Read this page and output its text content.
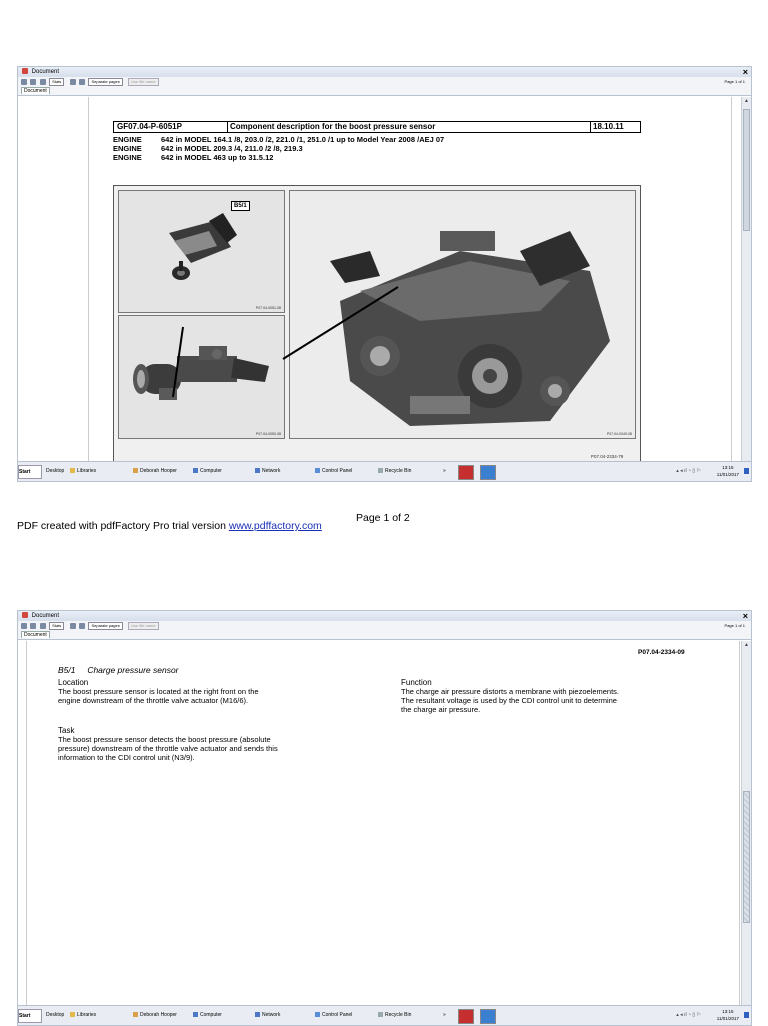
Document	×
Stats	Separate pages	Use file name	Page 1 of 1
Document
GF07.04-P-6051P	Component description for the boost pressure sensor	18.10.11
ENGINE	642 in MODEL 164.1 /8, 203.0 /2, 221.0 /1, 251.0 /1 up to Model Year 2008 /AEJ 07
ENGINE	642 in MODEL 209.3 /4, 211.0 /2 /8, 219.3
ENGINE	642 in MODEL 463 up to 31.5.12
B5/1
P07.04-0051-08
P07.04-0050-08	P07.04-0049-08
P07.04-2334-79
▲
Start	Desktop	Libraries	Deborah Hooper	Computer	Network	Control Panel	Recycle Bin	»	▴ ◂ ıl ◔ ▯ ⚐
13:15
11/01/2017
PDF created with pdfFactory Pro trial version www.pdffactory.com
Page 1 of 2
Document	×
Stats	Separate pages	Use file name	Page 1 of 1
Document
P07.04-2334-09
B5/1 Charge pressure sensor
Location
The boost pressure sensor is located at the right front on the
engine downstream of the throttle valve actuator (M16/6).
Task
The boost pressure sensor detects the boost pressure (absolute
pressure) downstream of the throttle valve actuator and sends this
information to the CDI control unit (N3/9).
Function
The charge air pressure distorts a membrane with piezoelements.
The resultant voltage is used by the CDI control unit to determine
the charge air pressure.
▲
Start	Desktop	Libraries	Deborah Hooper	Computer	Network	Control Panel	Recycle Bin	»	▴ ◂ ıl ◔ ▯ ⚐
13:15
11/01/2017
